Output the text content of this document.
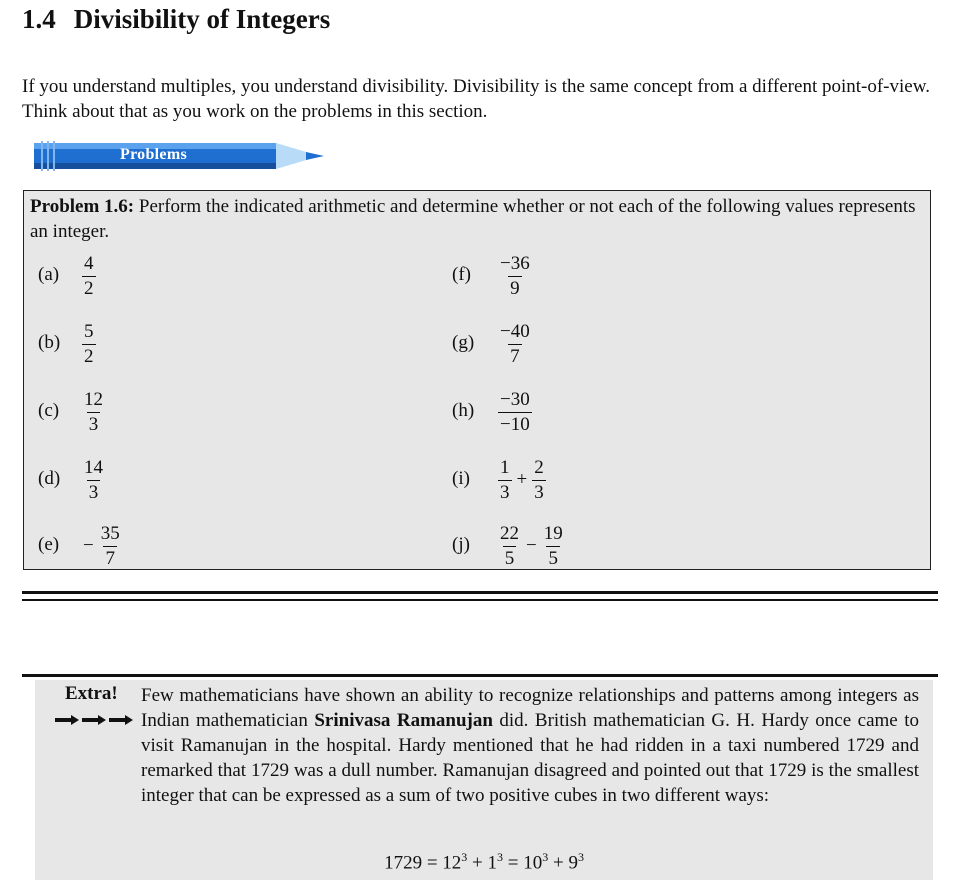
1.4 Divisibility of Integers

If you understand multiples, you understand divisibility. Divisibility is the same concept from a different point-of-view. Think about that as you work on the problems in this section.

Problems

Problem 1.6: Perform the indicated arithmetic and determine whether or not each of the following values represents an integer.

$(a) \frac{4}{2}$
$(b) \frac{5}{2}$
$(c) \frac{12}{3}$
$(d) \frac{14}{3}$
$(e) - \frac{35}{7}$
$(f) \frac{-36}{9}$
$(g) \frac{-40}{7}$
$(h) \frac{-30}{-10}$
$(i) \frac{1}{3} + \frac{2}{3}$
$(j) \frac{22}{5} - \frac{19}{5}$
Extra! Few mathematicians have shown an ability to recognize relationships and patterns among integers as Indian mathematician Srinivasa Ramanujan did. British mathematician G. H. Hardy once came to visit Ramanujan in the hospital. Hardy mentioned that he had ridden in a taxi numbered 1729 and remarked that 1729 was a dull number. Ramanujan disagreed and pointed out that 1729 is the smallest integer that can be expressed as a sum of two positive cubes in two different ways:

$1729 = 12^3 + 1^3 = 10^3 + 9^3$
